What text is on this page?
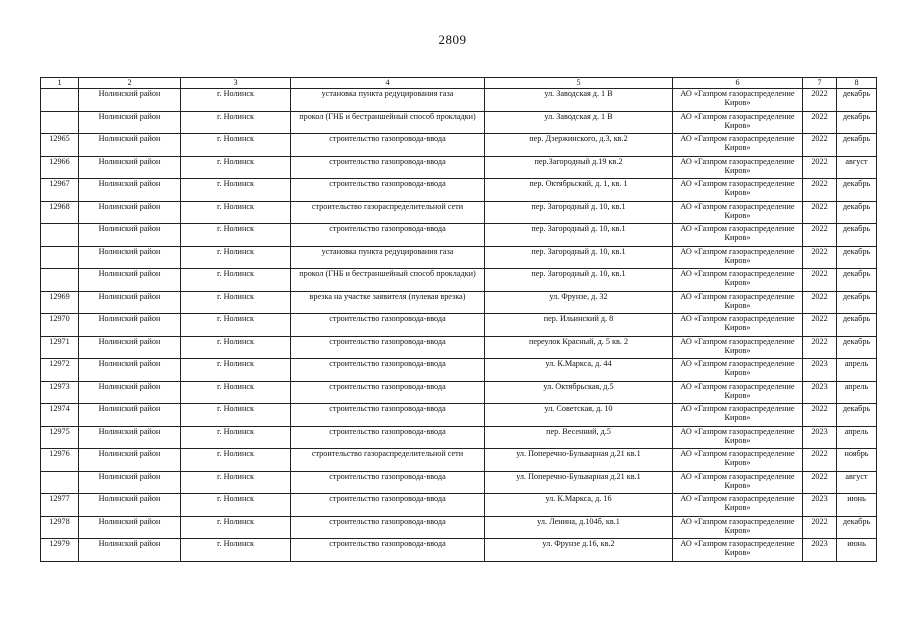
2809
1	2	3	4	5	6	7	8
	Нолинский район	г. Нолинск	установка пункта редуцирования газа	ул. Заводская д. 1 В	АО «Газпром газораспределение Киров»	2022	декабрь
	Нолинский район	г. Нолинск	прокол (ГНБ и бестраншейный способ прокладки)	ул. Заводская д. 1 В	АО «Газпром газораспределение Киров»	2022	декабрь
12965	Нолинский район	г. Нолинск	строительство газопровода-ввода	пер. Дзержинского, д.3, кв.2	АО «Газпром газораспределение Киров»	2022	декабрь
12966	Нолинский район	г. Нолинск	строительство газопровода-ввода	пер.Загородный д.19 кв.2	АО «Газпром газораспределение Киров»	2022	август
12967	Нолинский район	г. Нолинск	строительство газопровода-ввода	пер. Октябрьский, д. 1, кв. 1	АО «Газпром газораспределение Киров»	2022	декабрь
12968	Нолинский район	г. Нолинск	строительство газораспределительной сети	пер. Загородный д. 10, кв.1	АО «Газпром газораспределение Киров»	2022	декабрь
	Нолинский район	г. Нолинск	строительство газопровода-ввода	пер. Загородный д. 10, кв.1	АО «Газпром газораспределение Киров»	2022	декабрь
	Нолинский район	г. Нолинск	установка пункта редуцирования газа	пер. Загородный д. 10, кв.1	АО «Газпром газораспределение Киров»	2022	декабрь
	Нолинский район	г. Нолинск	прокол (ГНБ и бестраншейный способ прокладки)	пер. Загородный д. 10, кв.1	АО «Газпром газораспределение Киров»	2022	декабрь
12969	Нолинский район	г. Нолинск	врезка на участке заявителя (пулевая врезка)	ул. Фрунзе, д. 32	АО «Газпром газораспределение Киров»	2022	декабрь
12970	Нолинский район	г. Нолинск	строительство газопровода-ввода	пер. Ильинский д. 8	АО «Газпром газораспределение Киров»	2022	декабрь
12971	Нолинский район	г. Нолинск	строительство газопровода-ввода	переулок Красный, д. 5 кв. 2	АО «Газпром газораспределение Киров»	2022	декабрь
12972	Нолинский район	г. Нолинск	строительство газопровода-ввода	ул. К.Маркса, д. 44	АО «Газпром газораспределение Киров»	2023	апрель
12973	Нолинский район	г. Нолинск	строительство газопровода-ввода	ул. Октябрьская, д.5	АО «Газпром газораспределение Киров»	2023	апрель
12974	Нолинский район	г. Нолинск	строительство газопровода-ввода	ул. Советская, д. 10	АО «Газпром газораспределение Киров»	2022	декабрь
12975	Нолинский район	г. Нолинск	строительство газопровода-ввода	пер. Весенний, д.5	АО «Газпром газораспределение Киров»	2023	апрель
12976	Нолинский район	г. Нолинск	строительство газораспределительной сети	ул. Поперечно-Бульварная д.21 кв.1	АО «Газпром газораспределение Киров»	2022	ноябрь
	Нолинский район	г. Нолинск	строительство газопровода-ввода	ул. Поперечно-Бульварная д.21 кв.1	АО «Газпром газораспределение Киров»	2022	август
12977	Нолинский район	г. Нолинск	строительство газопровода-ввода	ул. К.Маркса, д. 16	АО «Газпром газораспределение Киров»	2023	июнь
12978	Нолинский район	г. Нолинск	строительство газопровода-ввода	ул. Ленина, д.104б, кв.1	АО «Газпром газораспределение Киров»	2022	декабрь
12979	Нолинский район	г. Нолинск	строительство газопровода-ввода	ул. Фрунзе д.16, кв.2	АО «Газпром газораспределение Киров»	2023	июнь
